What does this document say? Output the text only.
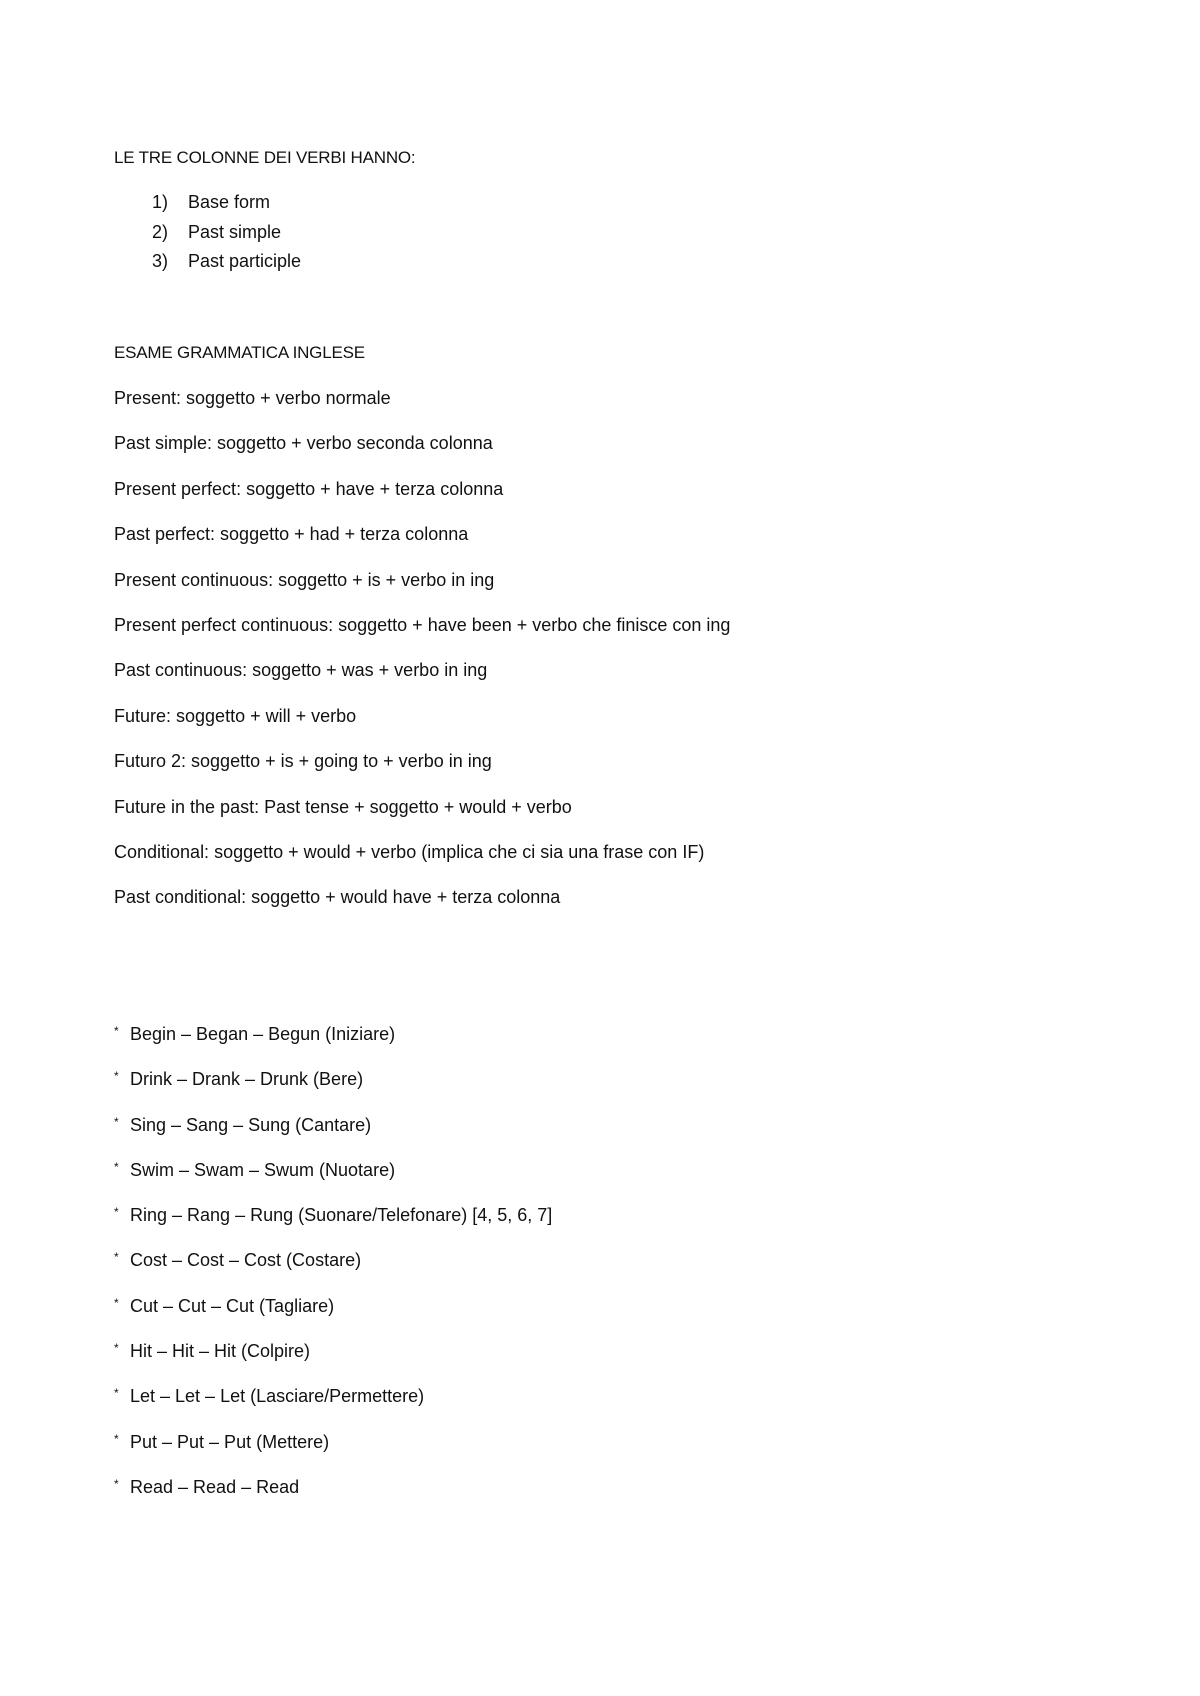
LE TRE COLONNE DEI VERBI HANNO:
1) Base form
2) Past simple
3) Past participle
ESAME GRAMMATICA INGLESE
Present: soggetto + verbo normale
Past simple: soggetto + verbo seconda colonna
Present perfect: soggetto + have + terza colonna
Past perfect: soggetto + had + terza colonna
Present continuous: soggetto + is + verbo in ing
Present perfect continuous: soggetto + have been + verbo che finisce con ing
Past continuous: soggetto + was + verbo in ing
Future: soggetto + will + verbo
Futuro 2: soggetto + is + going to + verbo in ing
Future in the past: Past tense + soggetto + would + verbo
Conditional: soggetto + would + verbo (implica che ci sia una frase con IF)
Past conditional: soggetto + would have + terza colonna
* Begin – Began – Begun (Iniziare)
* Drink – Drank – Drunk (Bere)
* Sing – Sang – Sung (Cantare)
* Swim – Swam – Swum (Nuotare)
* Ring – Rang – Rung (Suonare/Telefonare) [4, 5, 6, 7]
* Cost – Cost – Cost (Costare)
* Cut – Cut – Cut (Tagliare)
* Hit – Hit – Hit (Colpire)
* Let – Let – Let (Lasciare/Permettere)
* Put – Put – Put (Mettere)
* Read – Read – Read
